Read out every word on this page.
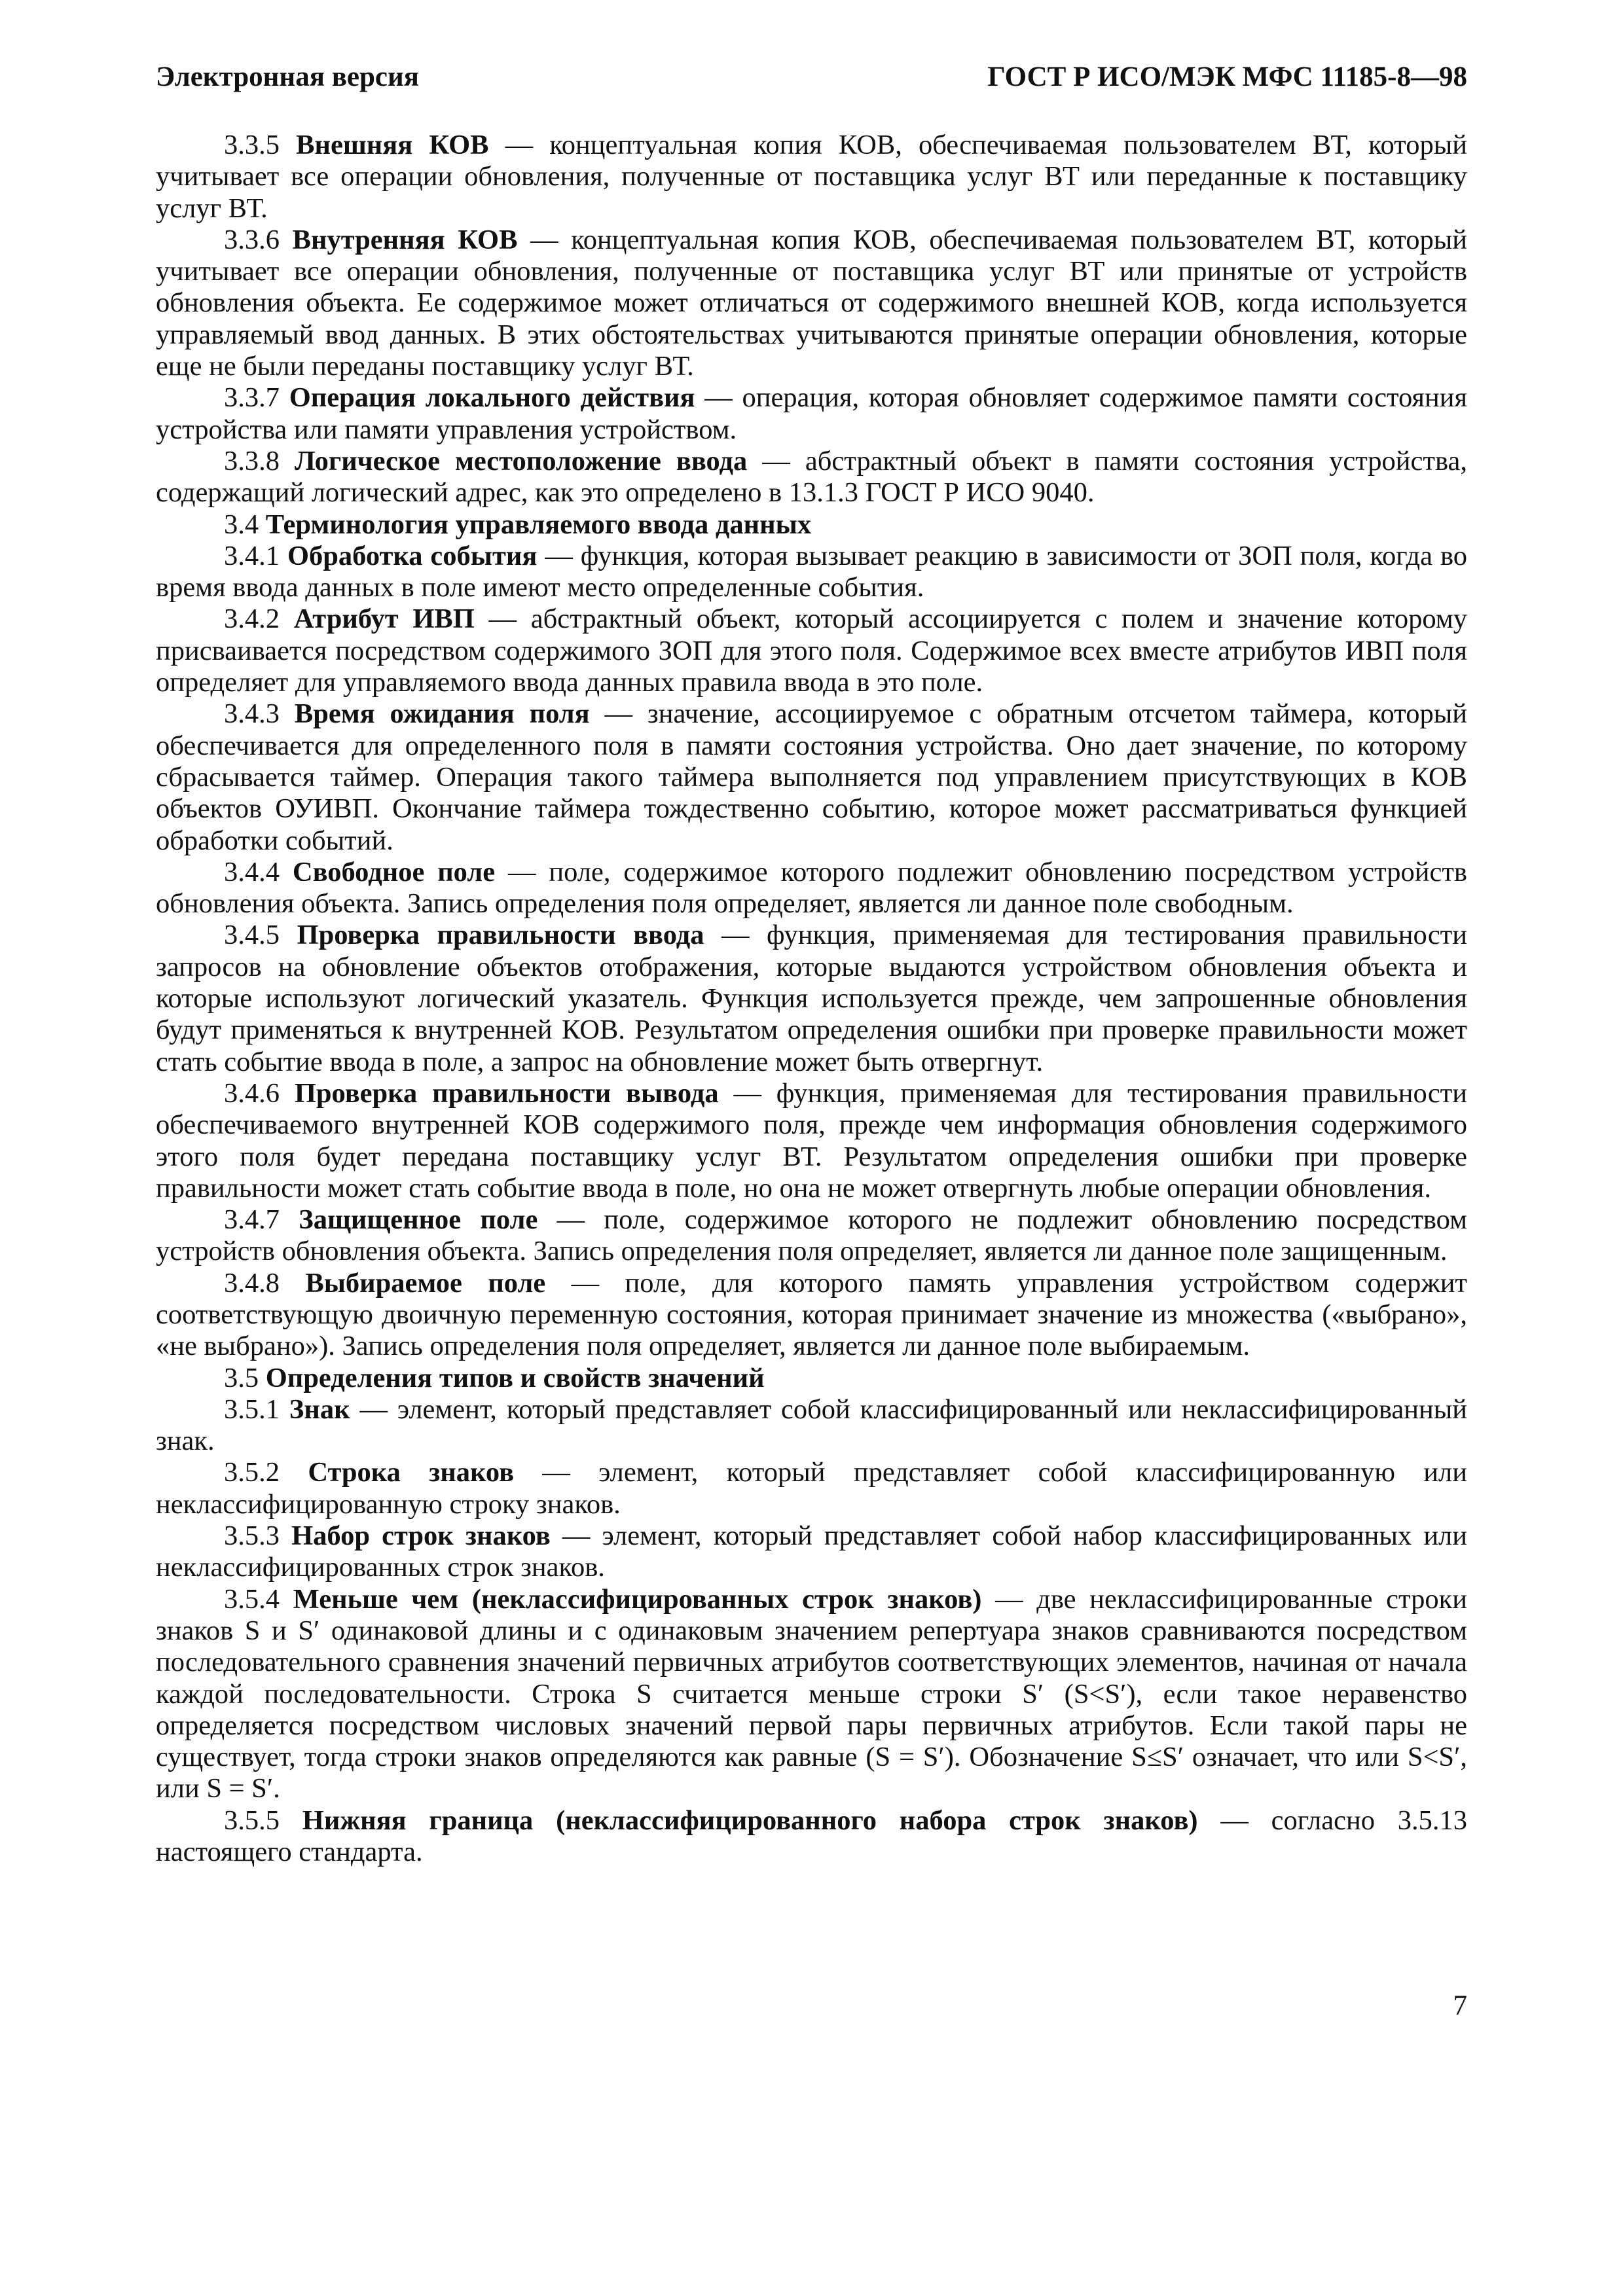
Электронная версия	ГОСТ Р ИСО/МЭК МФС 11185-8—98

3.3.5 Внешняя КОВ — концептуальная копия КОВ, обеспечиваемая пользователем ВТ, который учитывает все операции обновления, полученные от поставщика услуг ВТ или переданные к поставщику услуг ВТ.

3.3.6 Внутренняя КОВ — концептуальная копия КОВ, обеспечиваемая пользователем ВТ, который учитывает все операции обновления, полученные от поставщика услуг ВТ или принятые от устройств обновления объекта. Ее содержимое может отличаться от содержимого внешней КОВ, когда используется управляемый ввод данных. В этих обстоятельствах учитываются принятые операции обновления, которые еще не были переданы поставщику услуг ВТ.

3.3.7 Операция локального действия — операция, которая обновляет содержимое памяти состояния устройства или памяти управления устройством.

3.3.8 Логическое местоположение ввода — абстрактный объект в памяти состояния устройства, содержащий логический адрес, как это определено в 13.1.3 ГОСТ Р ИСО 9040.

3.4 Терминология управляемого ввода данных

3.4.1 Обработка события — функция, которая вызывает реакцию в зависимости от ЗОП поля, когда во время ввода данных в поле имеют место определенные события.

3.4.2 Атрибут ИВП — абстрактный объект, который ассоциируется с полем и значение которому присваивается посредством содержимого ЗОП для этого поля. Содержимое всех вместе атрибутов ИВП поля определяет для управляемого ввода данных правила ввода в это поле.

3.4.3 Время ожидания поля — значение, ассоциируемое с обратным отсчетом таймера, который обеспечивается для определенного поля в памяти состояния устройства. Оно дает значение, по которому сбрасывается таймер. Операция такого таймера выполняется под управлением присутствующих в КОВ объектов ОУИВП. Окончание таймера тождественно событию, которое может рассматриваться функцией обработки событий.

3.4.4 Свободное поле — поле, содержимое которого подлежит обновлению посредством устройств обновления объекта. Запись определения поля определяет, является ли данное поле свободным.

3.4.5 Проверка правильности ввода — функция, применяемая для тестирования правильности запросов на обновление объектов отображения, которые выдаются устройством обновления объекта и которые используют логический указатель. Функция используется прежде, чем запрошенные обновления будут применяться к внутренней КОВ. Результатом определения ошибки при проверке правильности может стать событие ввода в поле, а запрос на обновление может быть отвергнут.

3.4.6 Проверка правильности вывода — функция, применяемая для тестирования правильности обеспечиваемого внутренней КОВ содержимого поля, прежде чем информация обновления содержимого этого поля будет передана поставщику услуг ВТ. Результатом определения ошибки при проверке правильности может стать событие ввода в поле, но она не может отвергнуть любые операции обновления.

3.4.7 Защищенное поле — поле, содержимое которого не подлежит обновлению посредством устройств обновления объекта. Запись определения поля определяет, является ли данное поле защищенным.

3.4.8 Выбираемое поле — поле, для которого память управления устройством содержит соответствующую двоичную переменную состояния, которая принимает значение из множества («выбрано», «не выбрано»). Запись определения поля определяет, является ли данное поле выбираемым.

3.5 Определения типов и свойств значений

3.5.1 Знак — элемент, который представляет собой классифицированный или неклассифицированный знак.

3.5.2 Строка знаков — элемент, который представляет собой классифицированную или неклассифицированную строку знаков.

3.5.3 Набор строк знаков — элемент, который представляет собой набор классифицированных или неклассифицированных строк знаков.

3.5.4 Меньше чем (неклассифицированных строк знаков) — две неклассифицированные строки знаков S и S′ одинаковой длины и с одинаковым значением репертуара знаков сравниваются посредством последовательного сравнения значений первичных атрибутов соответствующих элементов, начиная от начала каждой последовательности. Строка S считается меньше строки S′ (S<S′), если такое неравенство определяется посредством числовых значений первой пары первичных атрибутов. Если такой пары не существует, тогда строки знаков определяются как равные (S = S′). Обозначение S≤S′ означает, что или S<S′, или S = S′.

3.5.5 Нижняя граница (неклассифицированного набора строк знаков) — согласно 3.5.13 настоящего стандарта.

7
